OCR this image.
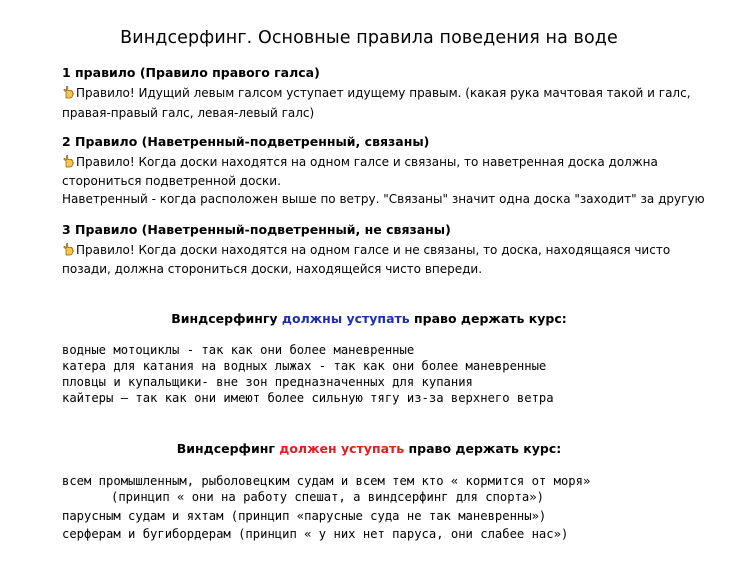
Виндсерфинг. Основные правила поведения на воде
1 правило (Правило правого галса)
Правило! Идущий левым галсом уступает идущему правым. (какая рука мачтовая такой и галс,
правая-правый галс, левая-левый галс)
2 Правило (Наветренный-подветренный, связаны)
Правило! Когда доски находятся на одном галсе и связаны, то наветренная доска должна
сторониться подветренной доски.
Наветренный - когда расположен выше по ветру. "Связаны" значит одна доска "заходит" за другую
3 Правило (Наветренный-подветренный, не связаны)
Правило! Когда доски находятся на одном галсе и не связаны, то доска, находящаяся чисто
позади, должна сторониться доски, находящейся чисто впереди.
Виндсерфингу должны уступать право держать курс:
водные мотоциклы - так как они более маневренные
катера для катания на водных лыжах - так как они более маневренные
пловцы и купальщики- вне зон предназначенных для купания
кайтеры – так как они имеют более сильную тягу из-за верхнего ветра
Виндсерфинг должен уступать право держать курс:
всем промышленным, рыболовецким судам и всем тем кто « кормится от моря»
(принцип « они на работу спешат, а виндсерфинг для спорта»)
парусным судам и яхтам (принцип «парусные суда не так маневренны»)
серферам и бугибордерам (принцип « у них нет паруса, они слабее нас»)
